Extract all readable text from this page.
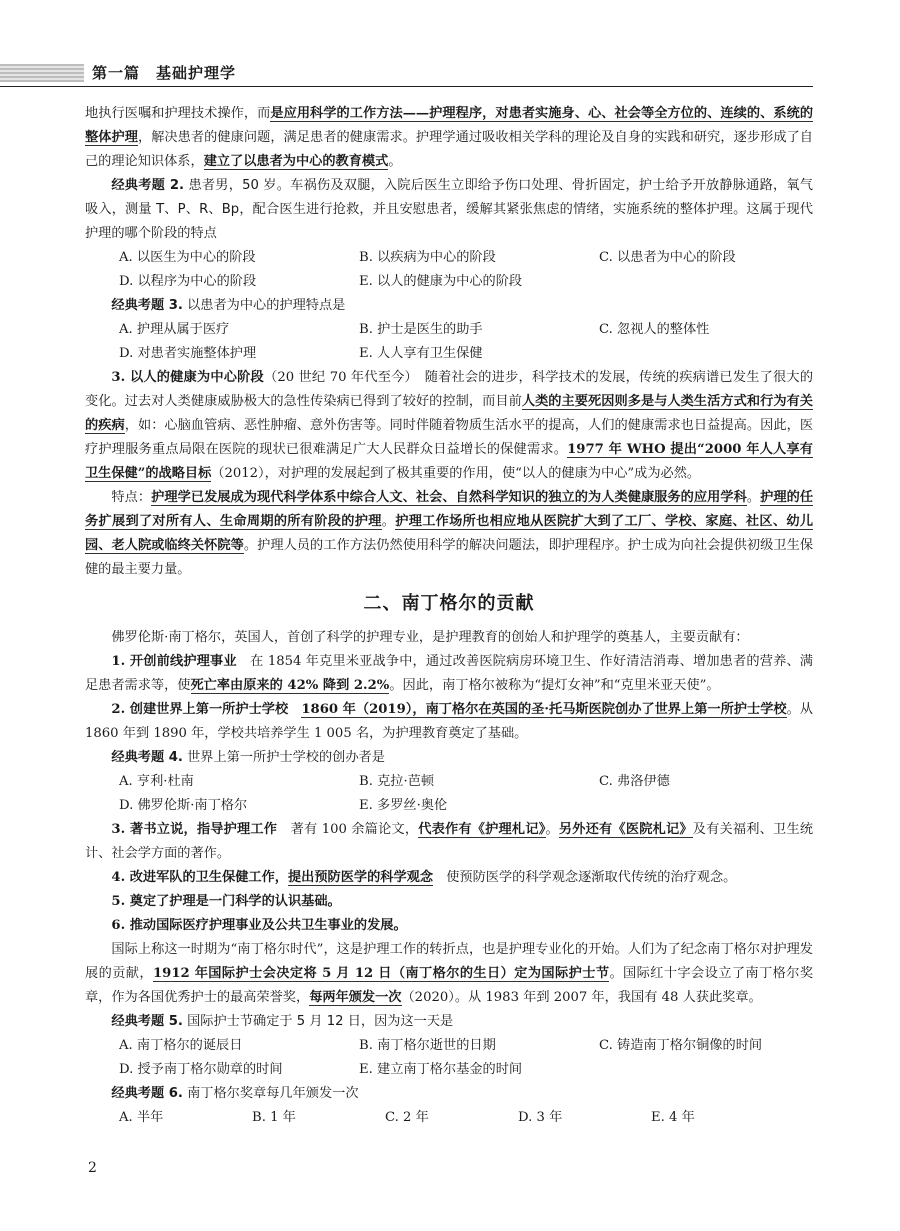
第一篇　基础护理学

地执行医嘱和护理技术操作，而是应用科学的工作方法——护理程序，对患者实施身、心、社会等全方位的、连续的、系统的整体护理，解决患者的健康问题，满足患者的健康需求。护理学通过吸收相关学科的理论及自身的实践和研究，逐步形成了自己的理论知识体系，建立了以患者为中心的教育模式。

经典考题 2. 患者男，50 岁。车祸伤及双腿，入院后医生立即给予伤口处理、骨折固定，护士给予开放静脉通路，氧气吸入，测量 T、P、R、Bp，配合医生进行抢救，并且安慰患者，缓解其紧张焦虑的情绪，实施系统的整体护理。这属于现代护理的哪个阶段的特点

A. 以医生为中心的阶段	B. 以疾病为中心的阶段	C. 以患者为中心的阶段
D. 以程序为中心的阶段	E. 以人的健康为中心的阶段

经典考题 3. 以患者为中心的护理特点是

A. 护理从属于医疗	B. 护士是医生的助手	C. 忽视人的整体性
D. 对患者实施整体护理	E. 人人享有卫生保健

3. 以人的健康为中心阶段（20 世纪 70 年代至今）　随着社会的进步，科学技术的发展，传统的疾病谱已发生了很大的变化。过去对人类健康威胁极大的急性传染病已得到了较好的控制，而目前人类的主要死因则多是与人类生活方式和行为有关的疾病，如：心脑血管病、恶性肿瘤、意外伤害等。同时伴随着物质生活水平的提高，人们的健康需求也日益提高。因此，医疗护理服务重点局限在医院的现状已很难满足广大人民群众日益增长的保健需求。1977 年 WHO 提出“2000 年人人享有卫生保健”的战略目标（2012），对护理的发展起到了极其重要的作用，使“以人的健康为中心”成为必然。

特点：护理学已发展成为现代科学体系中综合人文、社会、自然科学知识的独立的为人类健康服务的应用学科。护理的任务扩展到了对所有人、生命周期的所有阶段的护理。护理工作场所也相应地从医院扩大到了工厂、学校、家庭、社区、幼儿园、老人院或临终关怀院等。护理人员的工作方法仍然使用科学的解决问题法，即护理程序。护士成为向社会提供初级卫生保健的最主要力量。

二、南丁格尔的贡献

佛罗伦斯·南丁格尔，英国人，首创了科学的护理专业，是护理教育的创始人和护理学的奠基人，主要贡献有：

1. 开创前线护理事业　在 1854 年克里米亚战争中，通过改善医院病房环境卫生、作好清洁消毒、增加患者的营养、满足患者需求等，使死亡率由原来的 42% 降到 2.2%。因此，南丁格尔被称为“提灯女神”和“克里米亚天使”。

2. 创建世界上第一所护士学校　 1860 年（2019），南丁格尔在英国的圣·托马斯医院创办了世界上第一所护士学校。从 1860 年到 1890 年，学校共培养学生 1 005 名，为护理教育奠定了基础。

经典考题 4. 世界上第一所护士学校的创办者是

A. 亨利·杜南	B. 克拉·芭顿	C. 弗洛伊德
D. 佛罗伦斯·南丁格尔	E. 多罗丝·奥伦

3. 著书立说，指导护理工作　著有 100 余篇论文，代表作有《护理札记》。另外还有《医院札记》及有关福利、卫生统计、社会学方面的著作。

4. 改进军队的卫生保健工作，提出预防医学的科学观念　使预防医学的科学观念逐渐取代传统的治疗观念。

5. 奠定了护理是一门科学的认识基础。

6. 推动国际医疗护理事业及公共卫生事业的发展。

国际上称这一时期为“南丁格尔时代”，这是护理工作的转折点，也是护理专业化的开始。人们为了纪念南丁格尔对护理发展的贡献，1912 年国际护士会决定将 5 月 12 日（南丁格尔的生日）定为国际护士节。国际红十字会设立了南丁格尔奖章，作为各国优秀护士的最高荣誉奖，每两年颁发一次（2020）。从 1983 年到 2007 年，我国有 48 人获此奖章。

经典考题 5. 国际护士节确定于 5 月 12 日，因为这一天是

A. 南丁格尔的诞辰日	B. 南丁格尔逝世的日期	C. 铸造南丁格尔铜像的时间
D. 授予南丁格尔勋章的时间	E. 建立南丁格尔基金的时间

经典考题 6. 南丁格尔奖章每几年颁发一次

A. 半年	B. 1 年	C. 2 年	D. 3 年	E. 4 年
2
